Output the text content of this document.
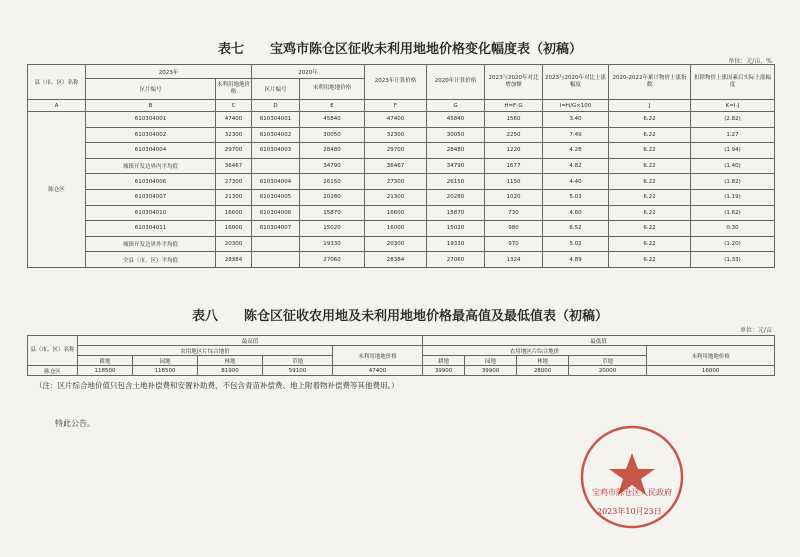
表七　　宝鸡市陈仓区征收未利用地地价格变化幅度表（初稿）
单位：元/亩、%
县（市、区）名称	2023年		2020年		2023年计算价格	2020年计算价格	2023与2020年对比增加额	2023与2020年对比上涨幅度	2020-2022年累计物价上涨指数	扣除物价上涨因素后实际上涨幅度
	区片编号	未利用地地价格	区片编号	未利用地地价格						
A	B	C	D	E	F	G	H=F-G	I=H/G×100	J	K=I-J
陈仓区	610304001	47400	610304001	45840	47400	45840	1560	3.40	6.22	(2.82)
	610304002	32300	610304002	30050	32300	30050	2250	7.49	6.22	1.27
	610304004	29700	610304003	28480	29700	28480	1220	4.28	6.22	(1.94)
	城镇开发边界内平均值	36467		34790	36467	34790	1677	4.82	6.22	(1.40)
	610304006	27300	610304004	26150	27300	26150	1150	4.40	6.22	(1.82)
	610304007	21300	610304005	20280	21300	20280	1020	5.03	6.22	(1.19)
	610304010	16600	610304006	15870	16600	15870	730	4.60	6.22	(1.62)
	610304011	16000	610304007	15020	16000	15020	980	6.52	6.22	0.30
	城镇开发边界外平均值	20300		19330	20300	19330	970	5.02	6.22	(1.20)
	全县（市、区）平均值	28384		27060	28384	27060	1324	4.89	6.22	(1.33)
表八　　陈仓区征收农用地及未利用地地价格最高值及最低值表（初稿）
单位：元/亩
县（市、区）名称	最高值					最低值				
	农用地区片综合地价				未利用地地价格	农用地区片综合地价				未利用地地价格
	耕地	园地	林地	草地		耕地	园地	林地	草地	
陈仓区	118500	118500	81900	59100	47400	39900	39900	28000	20000	16000
（注：区片综合地价值只包含土地补偿费和安置补助费，不包含青苗补偿费、地上附着物补偿费等其他费用。）
特此公告。
宝鸡市陈仓区人民政府
2023年10月23日
